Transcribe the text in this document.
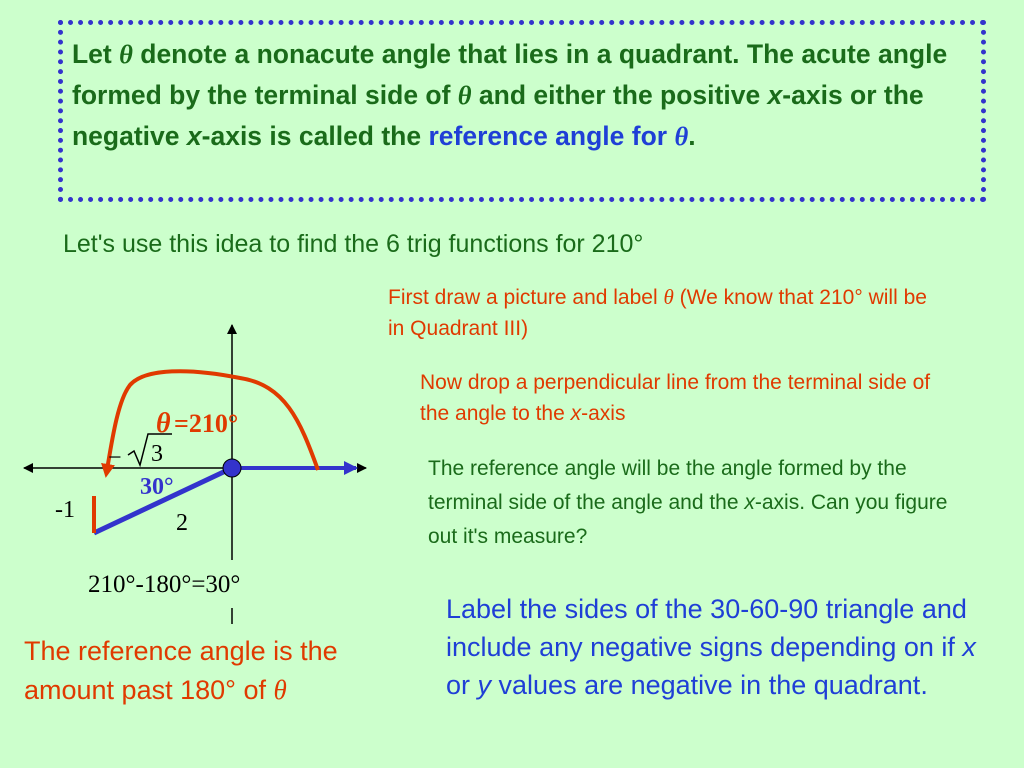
Let θ denote a nonacute angle that lies in a quadrant. The acute angle formed by the terminal side of θ and either the positive x-axis or the negative x-axis is called the reference angle for θ.
Let's use this idea to find the 6 trig functions for 210°
First draw a picture and label θ (We know that 210° will be in Quadrant III)
Now drop a perpendicular line from the terminal side of the angle to the x-axis
The reference angle will be the angle formed by the terminal side of the angle and the x-axis. Can you figure out it's measure?
Label the sides of the 30-60-90 triangle and include any negative signs depending on if x or y values are negative in the quadrant.
The reference angle is the amount past 180° of θ
θ =210°
− 3
30°
-1	2
210°-180°=30°
